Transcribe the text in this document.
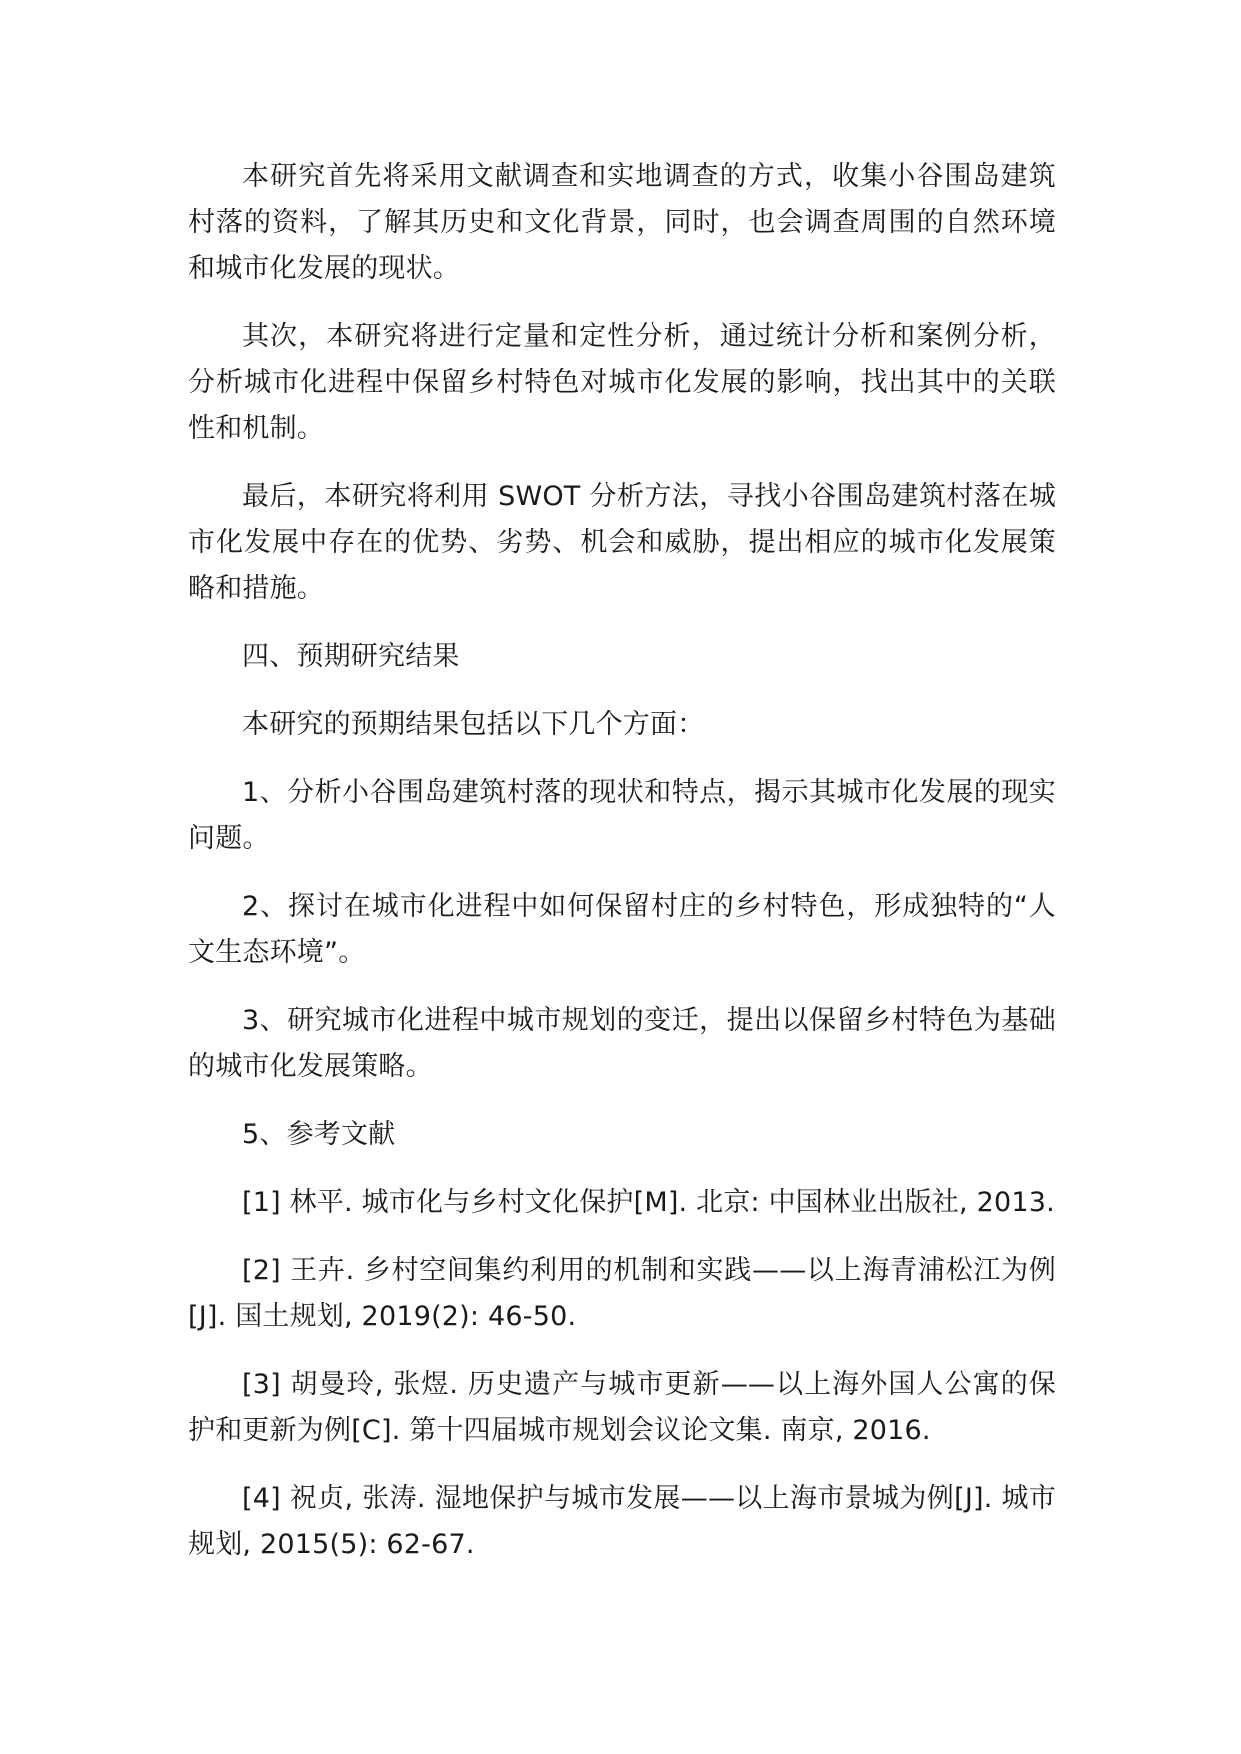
本研究首先将采用文献调查和实地调查的方式，收集小谷围岛建筑村落的资料，了解其历史和文化背景，同时，也会调查周围的自然环境和城市化发展的现状。

其次，本研究将进行定量和定性分析，通过统计分析和案例分析，分析城市化进程中保留乡村特色对城市化发展的影响，找出其中的关联性和机制。

最后，本研究将利用 SWOT 分析方法，寻找小谷围岛建筑村落在城市化发展中存在的优势、劣势、机会和威胁，提出相应的城市化发展策略和措施。

四、预期研究结果

本研究的预期结果包括以下几个方面：

1、分析小谷围岛建筑村落的现状和特点，揭示其城市化发展的现实问题。

2、探讨在城市化进程中如何保留村庄的乡村特色，形成独特的“人文生态环境”。

3、研究城市化进程中城市规划的变迁，提出以保留乡村特色为基础的城市化发展策略。

5、参考文献

[1] 林平. 城市化与乡村文化保护[M]. 北京: 中国林业出版社, 2013.

[2] 王卉. 乡村空间集约利用的机制和实践——以上海青浦松江为例[J]. 国土规划, 2019(2): 46-50.

[3] 胡曼玲, 张煜. 历史遗产与城市更新——以上海外国人公寓的保护和更新为例[C]. 第十四届城市规划会议论文集. 南京, 2016.

[4] 祝贞, 张涛. 湿地保护与城市发展——以上海市景城为例[J]. 城市规划, 2015(5): 62-67.
